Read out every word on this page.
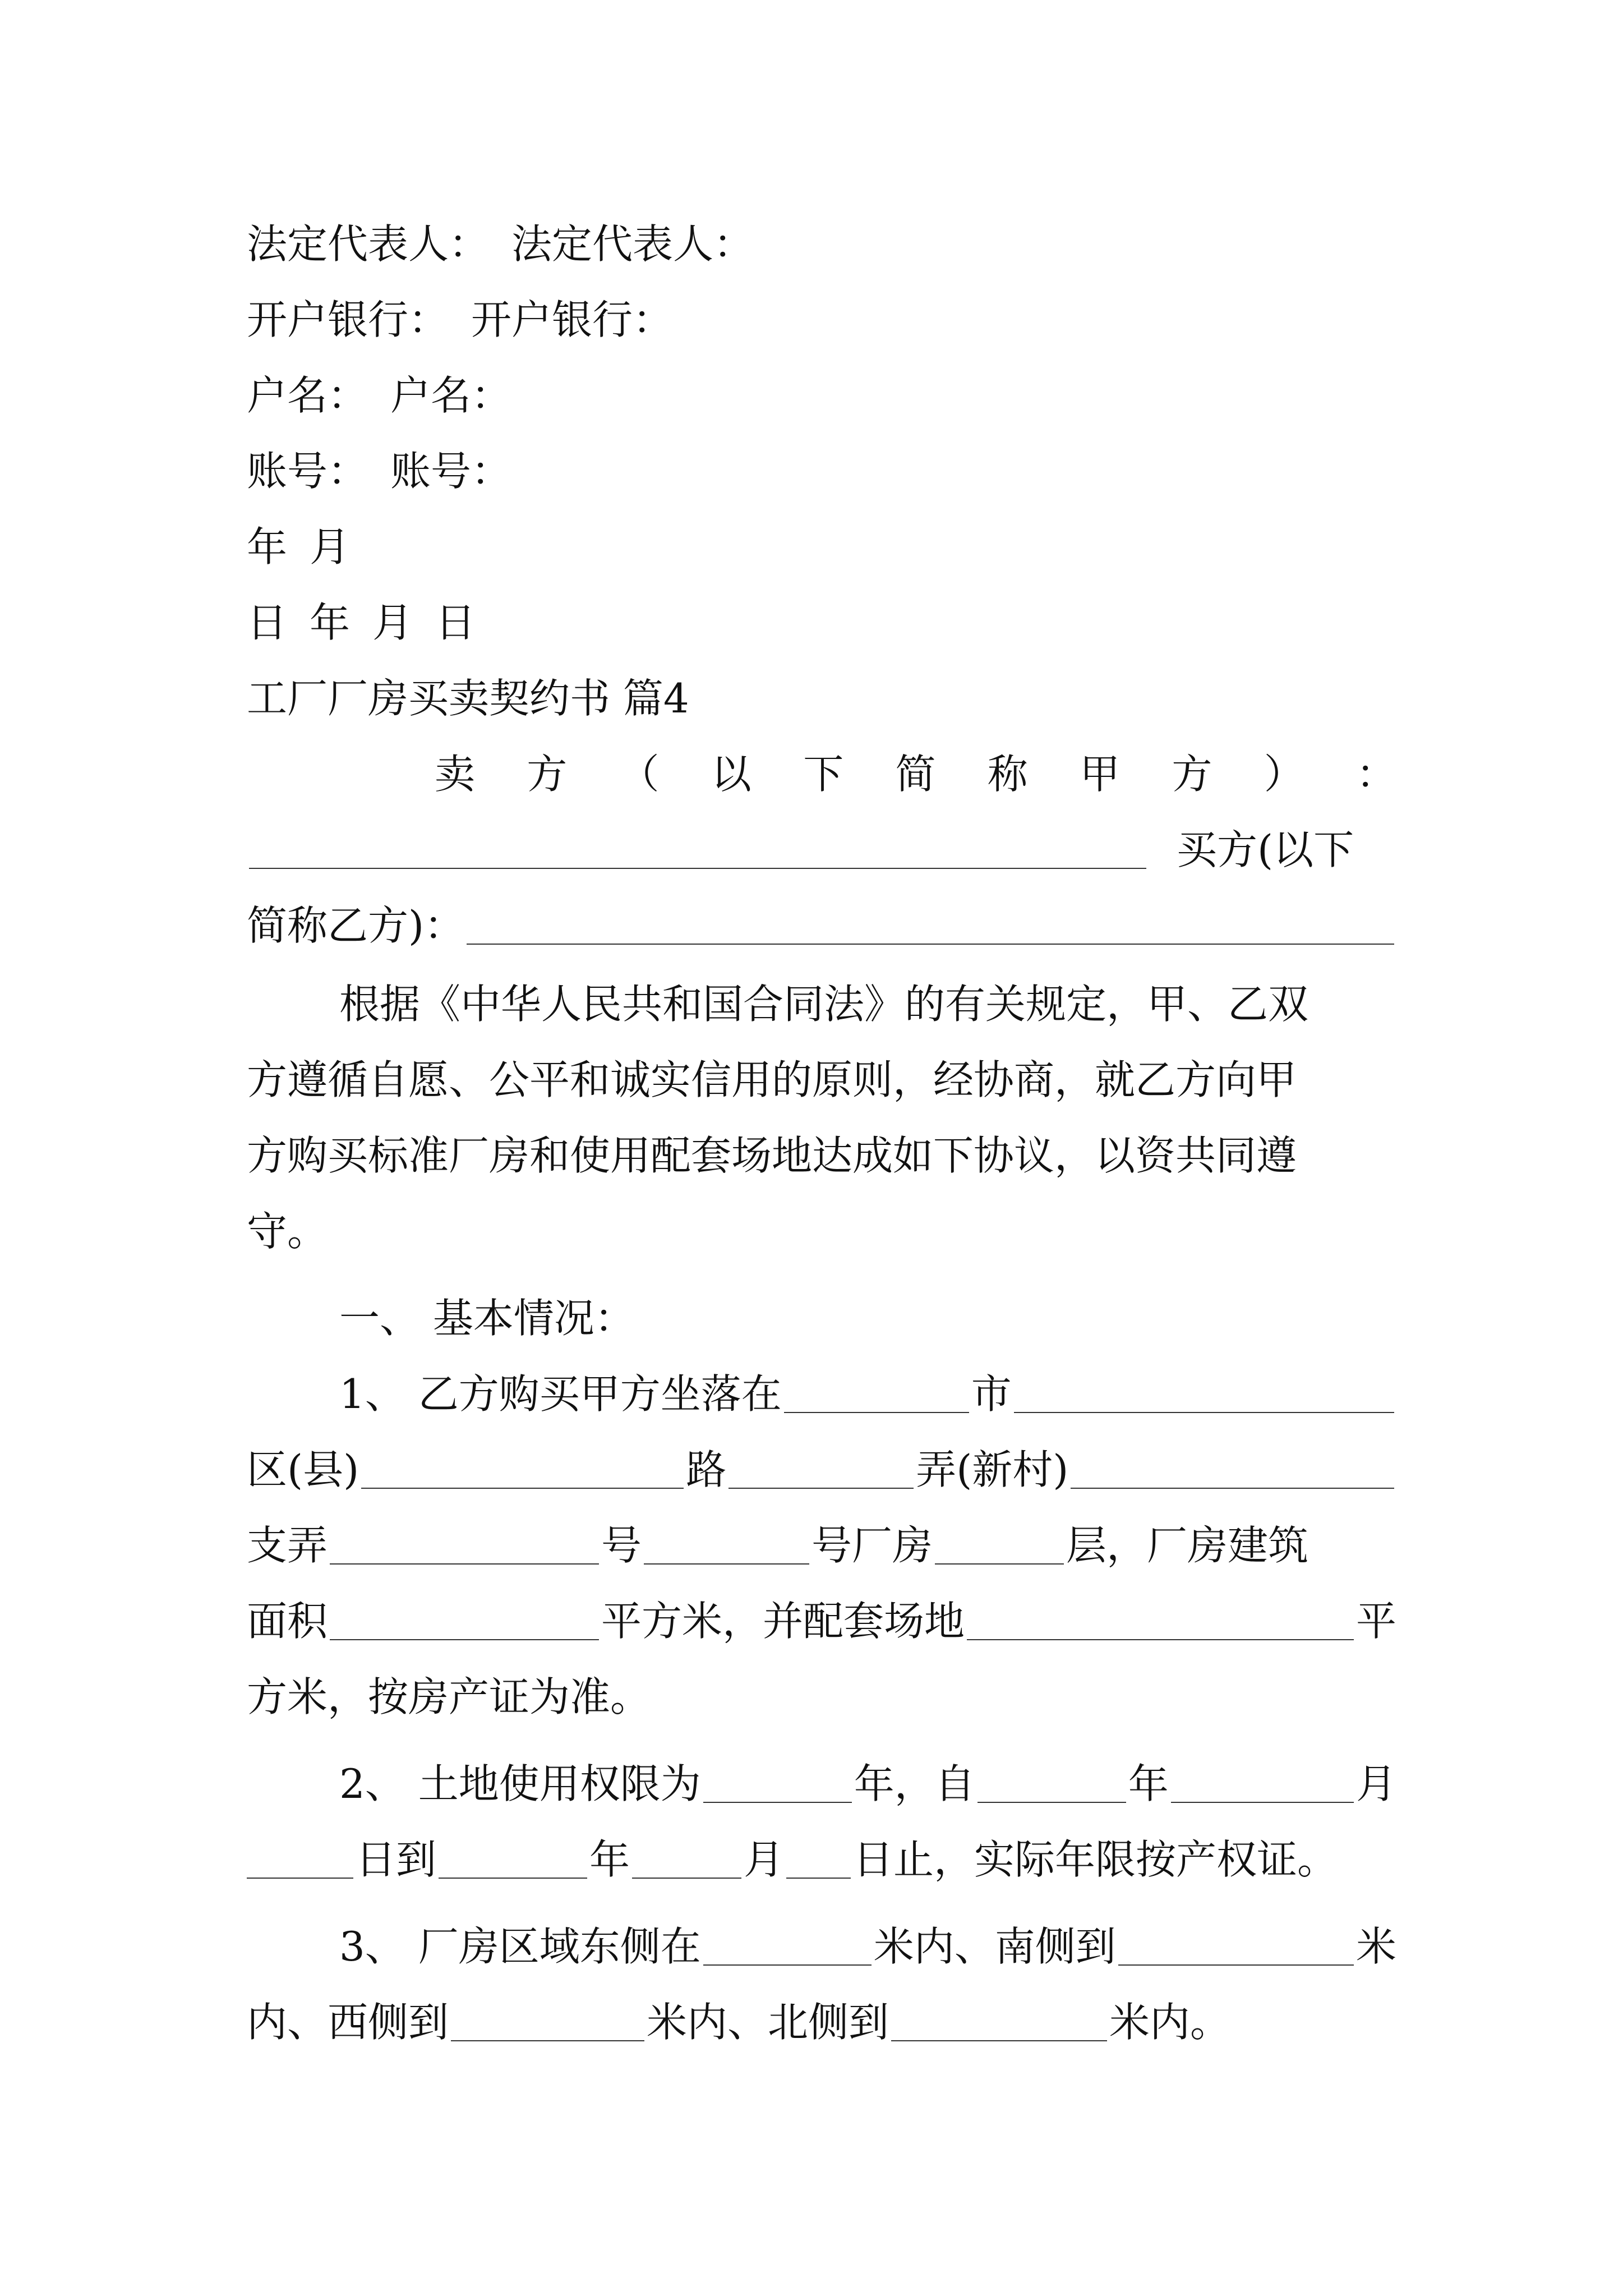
法定代表人： 法定代表人：
开户银行： 开户银行：
户名： 户名：
账号： 账号：
年 月
日 年 月 日
工厂厂房买卖契约书 篇4
卖 方 （ 以 下 简 称 甲 方 ） ：
买方(以下
简称乙方)：
根据《中华人民共和国合同法》的有关规定，甲、乙双
方遵循自愿、公平和诚实信用的原则，经协商，就乙方向甲
方购买标准厂房和使用配套场地达成如下协议，以资共同遵
守。
一、 基本情况：
1、 乙方购买甲方坐落在	市
区(县)	路	弄(新村)
支弄	号	号厂房	层，厂房建筑
面积	平方米，并配套场地	平
方米，按房产证为准。
2、 土地使用权限为	年，自	年	月
日到	年	月 日止，实际年限按产权证。
3、 厂房区域东侧在	米内、南侧到	米
内、西侧到	米内、北侧到	米内。
